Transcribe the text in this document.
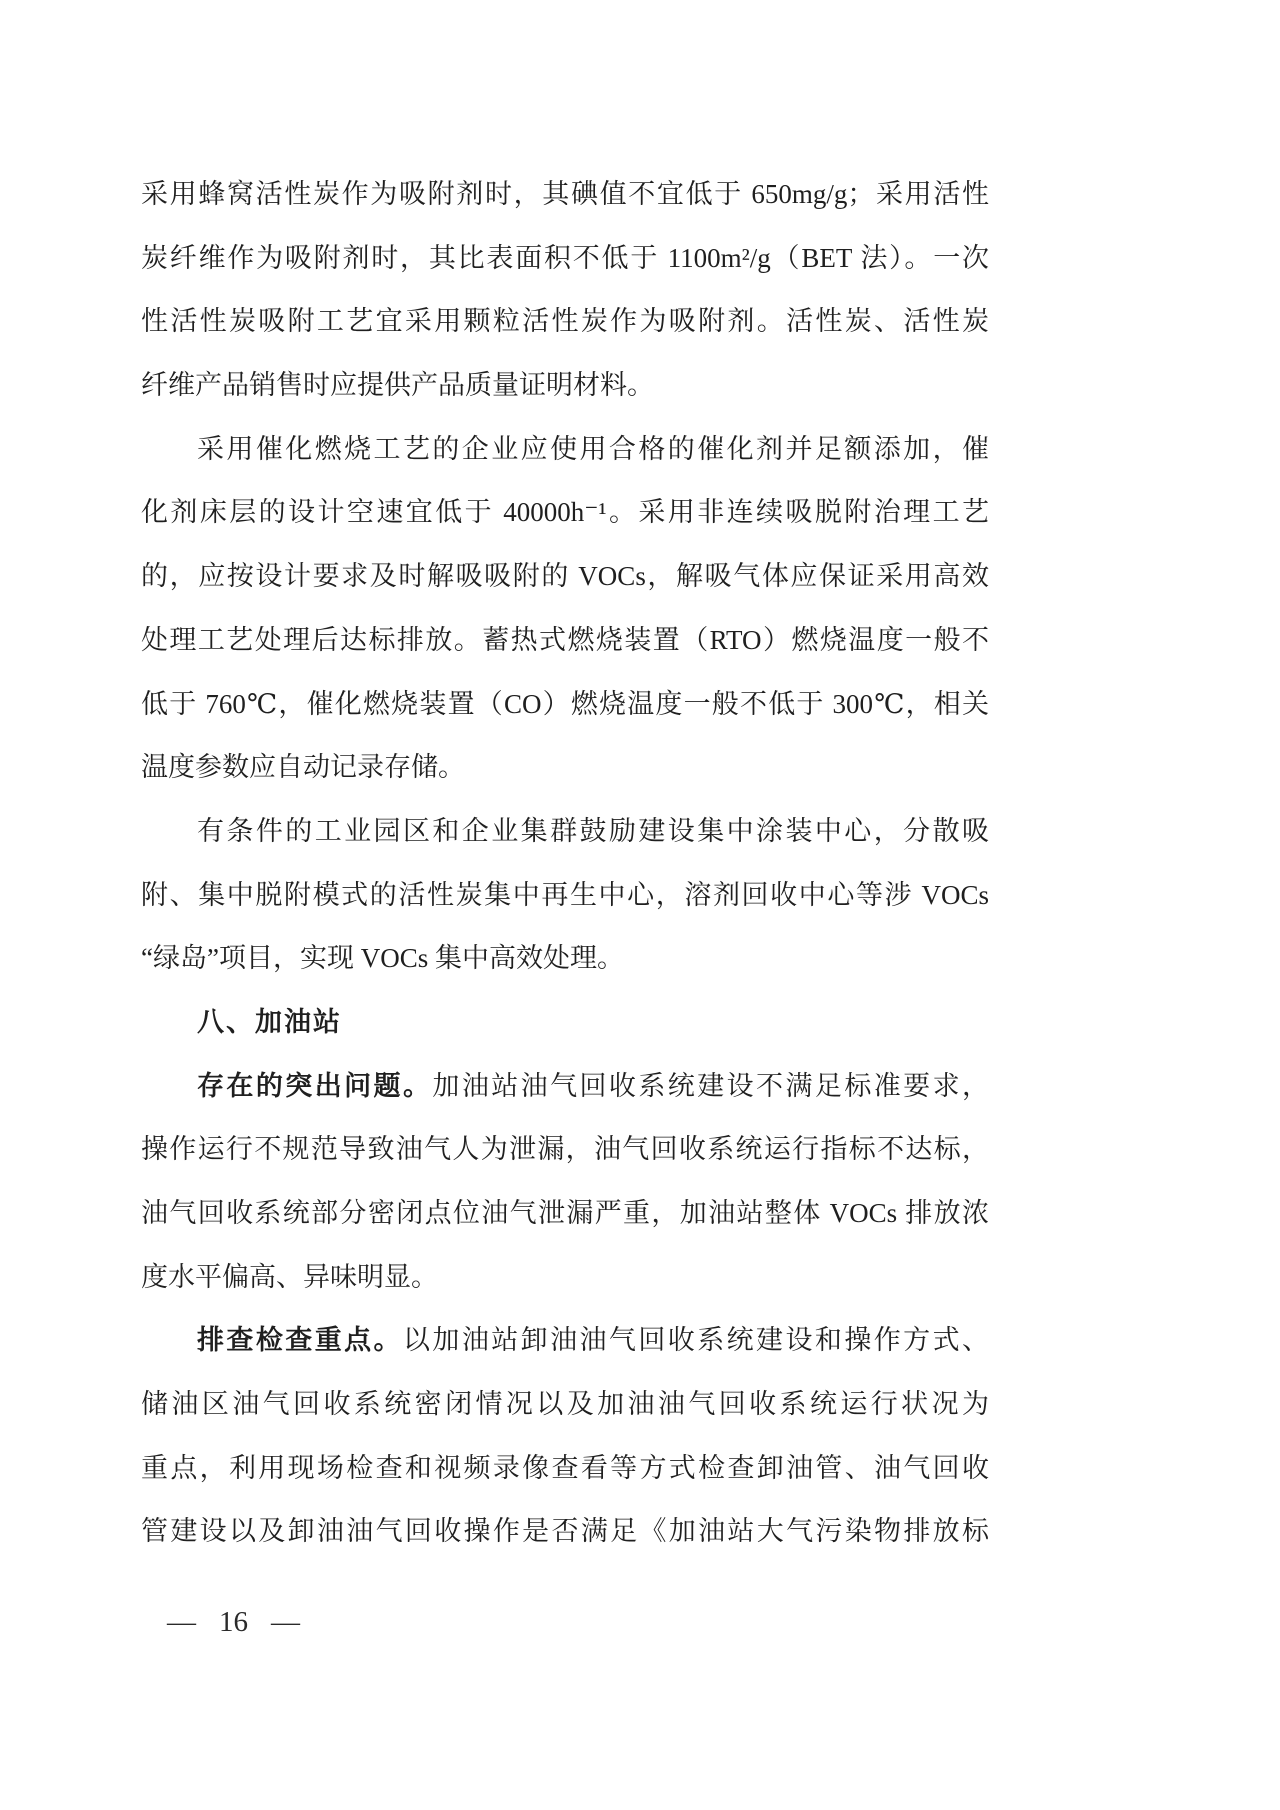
采用蜂窝活性炭作为吸附剂时，其碘值不宜低于 650mg/g；采用活性
炭纤维作为吸附剂时，其比表面积不低于 1100m²/g（BET 法）。一次
性活性炭吸附工艺宜采用颗粒活性炭作为吸附剂。活性炭、活性炭
纤维产品销售时应提供产品质量证明材料。
采用催化燃烧工艺的企业应使用合格的催化剂并足额添加，催
化剂床层的设计空速宜低于 40000h⁻¹。采用非连续吸脱附治理工艺
的，应按设计要求及时解吸吸附的 VOCs，解吸气体应保证采用高效
处理工艺处理后达标排放。蓄热式燃烧装置（RTO）燃烧温度一般不
低于 760℃，催化燃烧装置（CO）燃烧温度一般不低于 300℃，相关
温度参数应自动记录存储。
有条件的工业园区和企业集群鼓励建设集中涂装中心，分散吸
附、集中脱附模式的活性炭集中再生中心，溶剂回收中心等涉 VOCs
“绿岛”项目，实现 VOCs 集中高效处理。
八、加油站
存在的突出问题。加油站油气回收系统建设不满足标准要求，
操作运行不规范导致油气人为泄漏，油气回收系统运行指标不达标，
油气回收系统部分密闭点位油气泄漏严重，加油站整体 VOCs 排放浓
度水平偏高、异味明显。
排查检查重点。以加油站卸油油气回收系统建设和操作方式、
储油区油气回收系统密闭情况以及加油油气回收系统运行状况为
重点，利用现场检查和视频录像查看等方式检查卸油管、油气回收
管建设以及卸油油气回收操作是否满足《加油站大气污染物排放标
— 16 —
